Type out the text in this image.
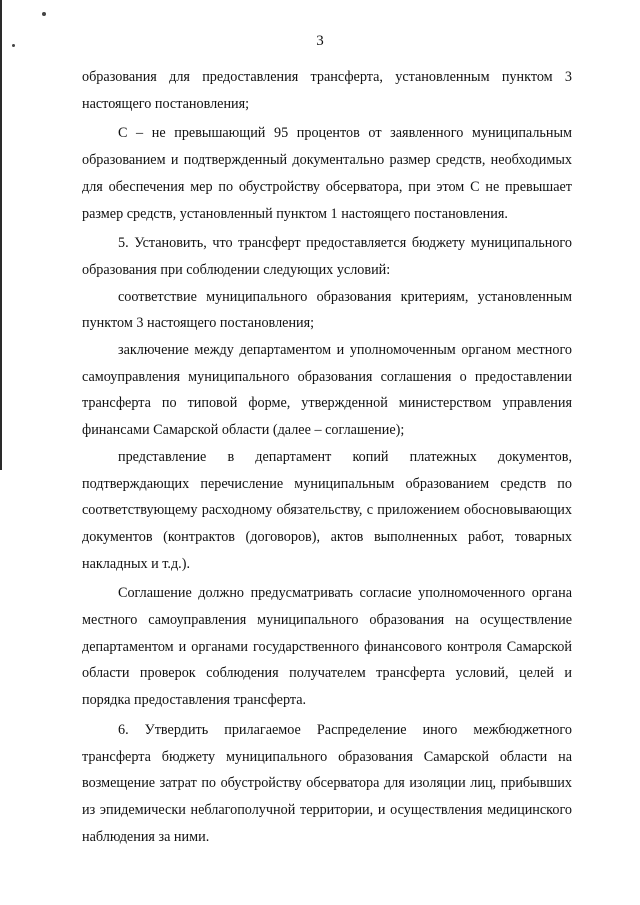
3

образования для предоставления трансферта, установленным пунктом 3 настоящего постановления;

С – не превышающий 95 процентов от заявленного муниципальным образованием и подтвержденный документально размер средств, необходимых для обеспечения мер по обустройству обсерватора, при этом С не превышает размер средств, установленный пунктом 1 настоящего постановления.

5. Установить, что трансферт предоставляется бюджету муниципального образования при соблюдении следующих условий:

соответствие муниципального образования критериям, установленным пунктом 3 настоящего постановления;

заключение между департаментом и уполномоченным органом местного самоуправления муниципального образования соглашения о предоставлении трансферта по типовой форме, утвержденной министерством управления финансами Самарской области (далее – соглашение);

представление в департамент копий платежных документов, подтверждающих перечисление муниципальным образованием средств по соответствующему расходному обязательству, с приложением обосновывающих документов (контрактов (договоров), актов выполненных работ, товарных накладных и т.д.).

Соглашение должно предусматривать согласие уполномоченного органа местного самоуправления муниципального образования на осуществление департаментом и органами государственного финансового контроля Самарской области проверок соблюдения получателем трансферта условий, целей и порядка предоставления трансферта.

6. Утвердить прилагаемое Распределение иного межбюджетного трансферта бюджету муниципального образования Самарской области на возмещение затрат по обустройству обсерватора для изоляции лиц, прибывших из эпидемически неблагополучной территории, и осуществления медицинского наблюдения за ними.
